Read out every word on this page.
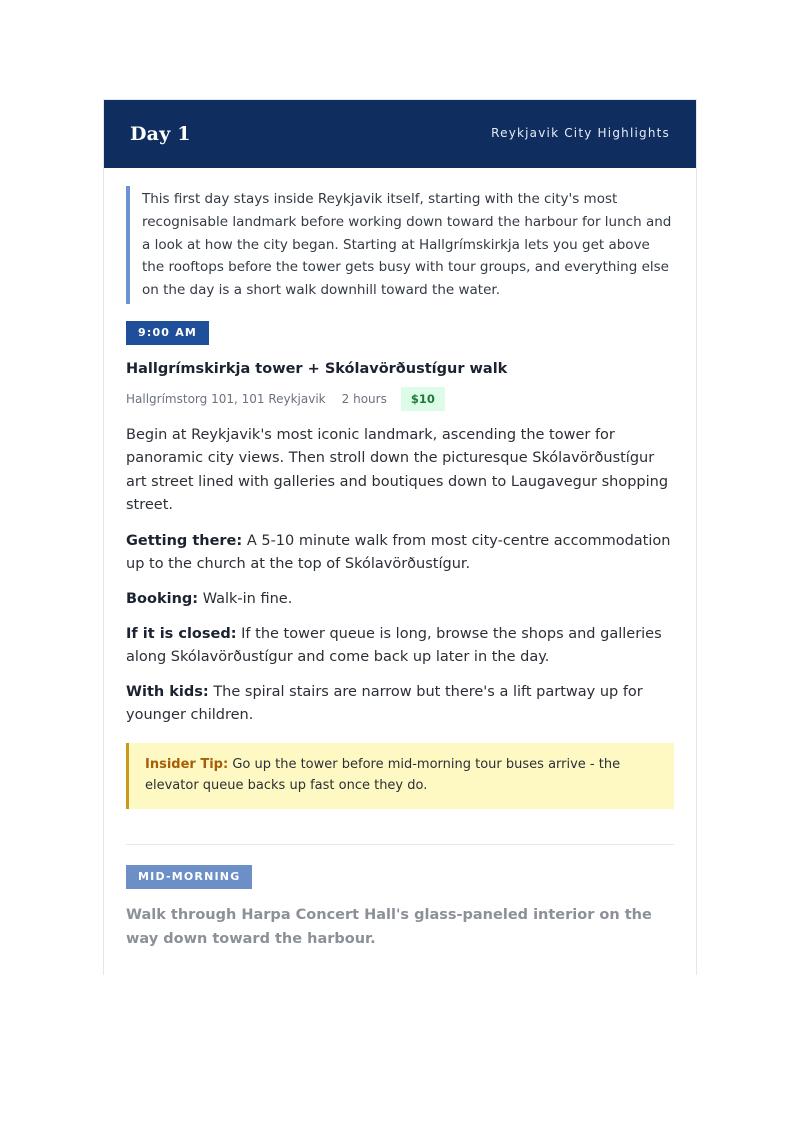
Day 1	Reykjavik City Highlights
This first day stays inside Reykjavik itself, starting with the city's most recognisable landmark before working down toward the harbour for lunch and a look at how the city began. Starting at Hallgrímskirkja lets you get above the rooftops before the tower gets busy with tour groups, and everything else on the day is a short walk downhill toward the water.
9:00 AM
Hallgrímskirkja tower + Skólavörðustígur walk
Hallgrímstorg 101, 101 Reykjavik 2 hours	$10
Begin at Reykjavik's most iconic landmark, ascending the tower for panoramic city views. Then stroll down the picturesque Skólavörðustígur art street lined with galleries and boutiques down to Laugavegur shopping street.
Getting there: A 5-10 minute walk from most city-centre accommodation up to the church at the top of Skólavörðustígur.
Booking: Walk-in fine.
If it is closed: If the tower queue is long, browse the shops and galleries along Skólavörðustígur and come back up later in the day.
With kids: The spiral stairs are narrow but there's a lift partway up for younger children.
Insider Tip: Go up the tower before mid-morning tour buses arrive - the elevator queue backs up fast once they do.
MID-MORNING
Walk through Harpa Concert Hall's glass-paneled interior on the way down toward the harbour.
